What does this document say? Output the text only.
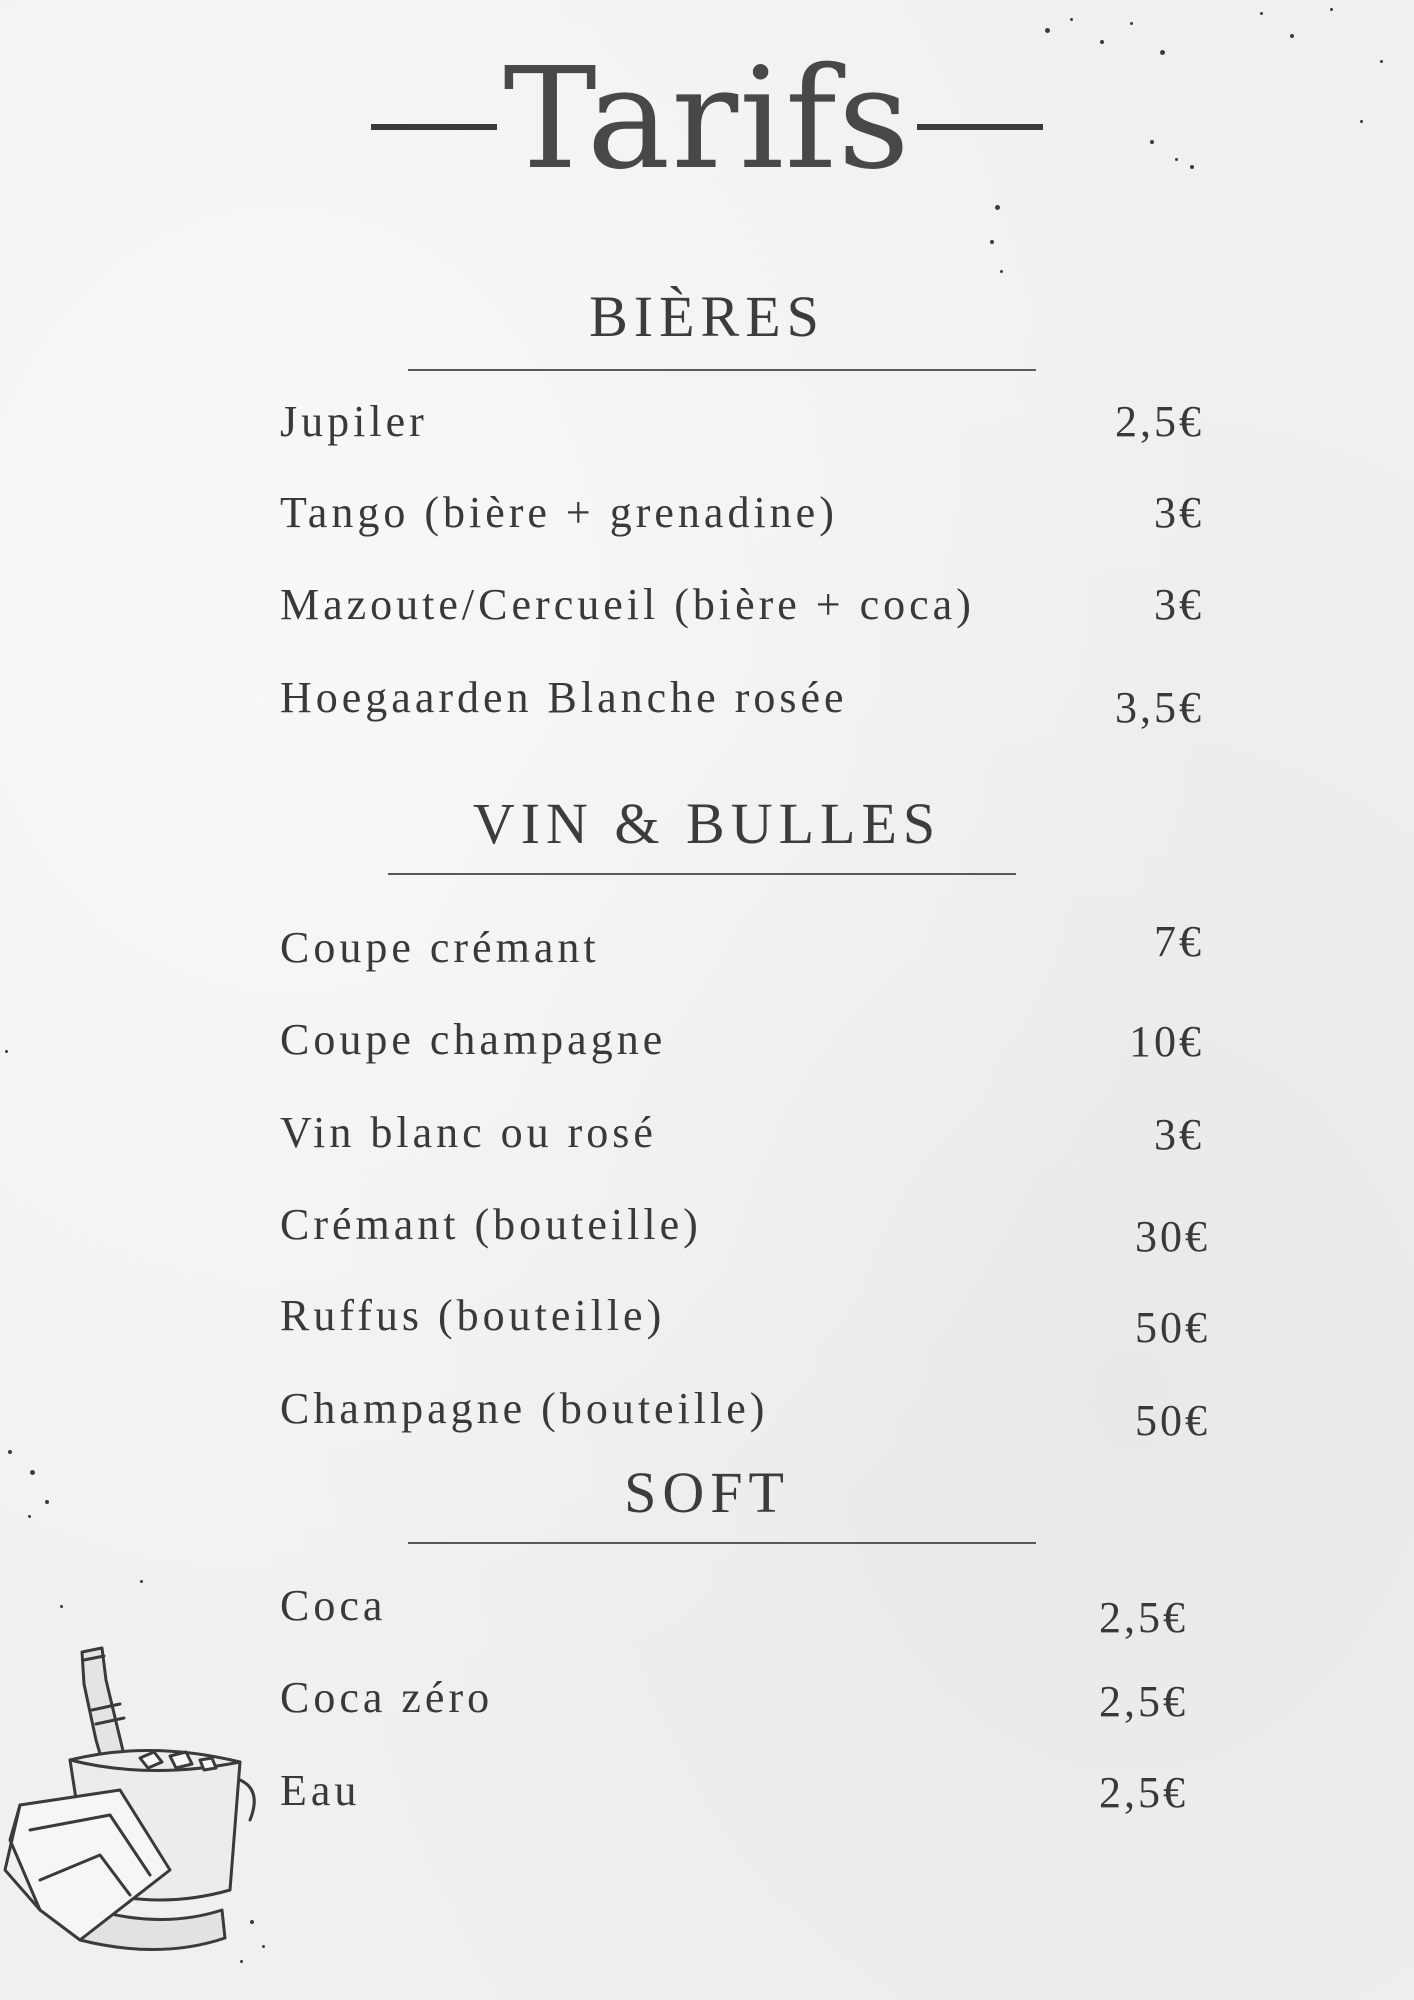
Tarifs
BIÈRES
Jupiler	2,5€
Tango (bière + grenadine)	3€
Mazoute/Cercueil (bière + coca)	3€
Hoegaarden Blanche rosée	3,5€
VIN & BULLES
Coupe crémant	7€
Coupe champagne	10€
Vin blanc ou rosé	3€
Crémant (bouteille)	30€
Ruffus (bouteille)	50€
Champagne (bouteille)	50€
SOFT
Coca	2,5€
Coca zéro	2,5€
Eau	2,5€
